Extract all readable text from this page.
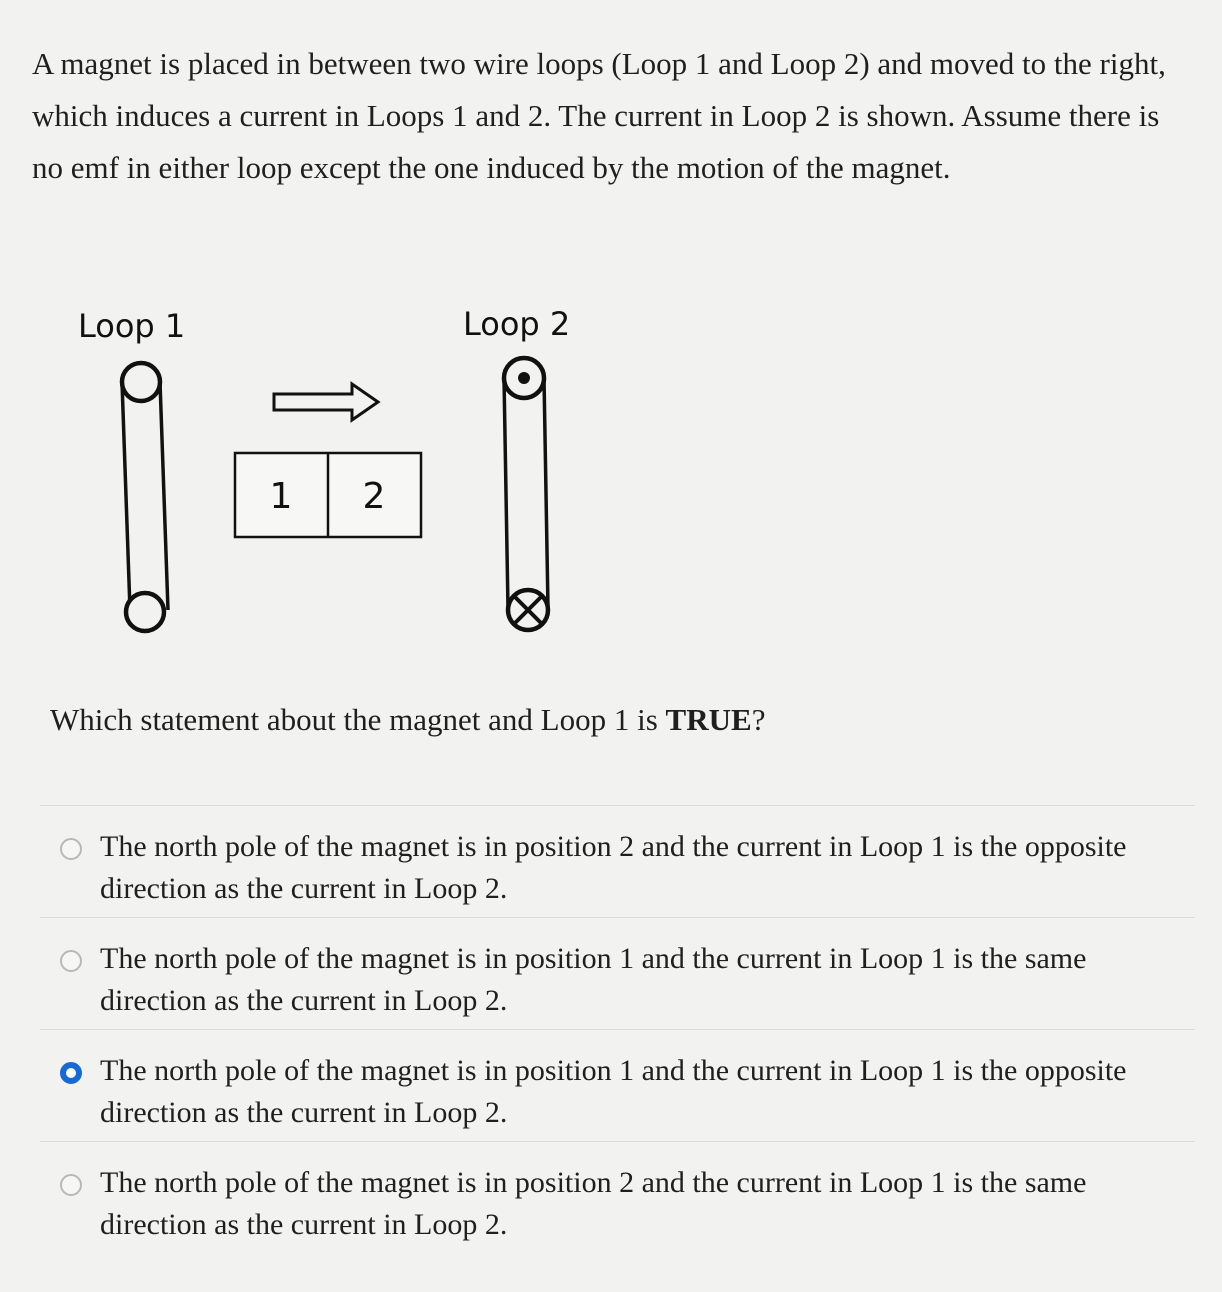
A magnet is placed in between two wire loops (Loop 1 and Loop 2) and moved to the right, which induces a current in Loops 1 and 2. The current in Loop 2 is shown. Assume there is no emf in either loop except the one induced by the motion of the magnet.

Loop 1	Loop 2
1 2

Which statement about the magnet and Loop 1 is TRUE?

The north pole of the magnet is in position 2 and the current in Loop 1 is the opposite direction as the current in Loop 2.
The north pole of the magnet is in position 1 and the current in Loop 1 is the same direction as the current in Loop 2.
The north pole of the magnet is in position 1 and the current in Loop 1 is the opposite direction as the current in Loop 2.
The north pole of the magnet is in position 2 and the current in Loop 1 is the same direction as the current in Loop 2.
